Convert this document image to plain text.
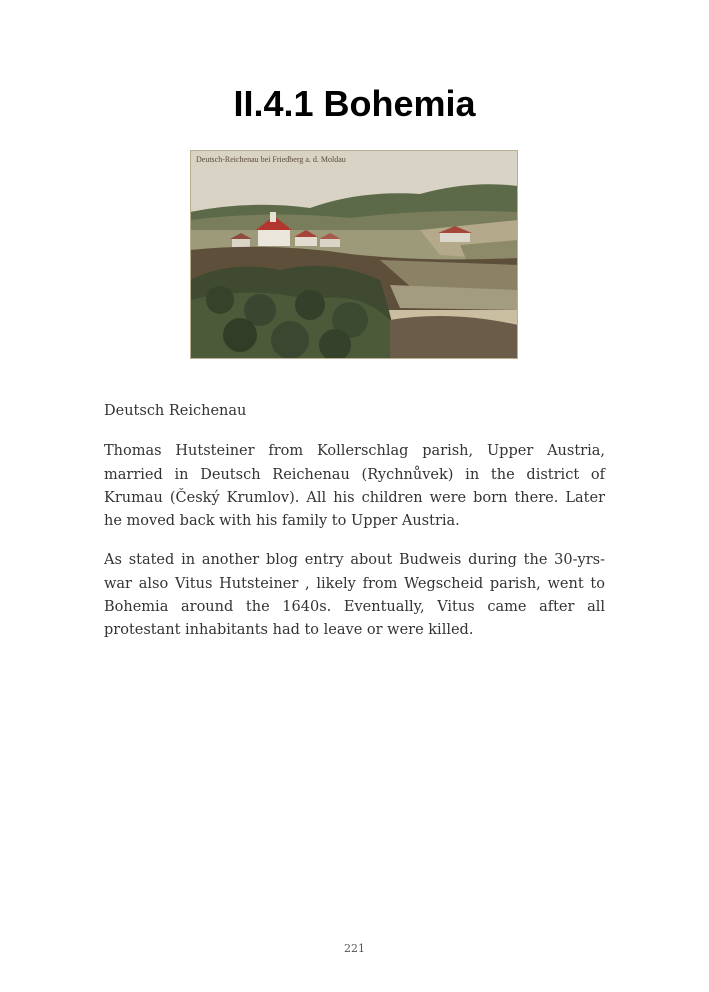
II.4.1 Bohemia
Deutsch-Reichenau bei Friedberg a. d. Moldau

Deutsch Reichenau

Thomas Hutsteiner from Kollerschlag parish, Upper Austria, married in Deutsch Reichenau (Rychnůvek) in the district of Krumau (Český Krumlov). All his children were born there. Later he moved back with his family to Upper Austria.

As stated in another blog entry about Budweis during the 30-yrs-war also Vitus Hutsteiner , likely from Wegscheid parish, went to Bohemia around the 1640s. Eventually, Vitus came after all protestant inhabitants had to leave or were killed.

221
